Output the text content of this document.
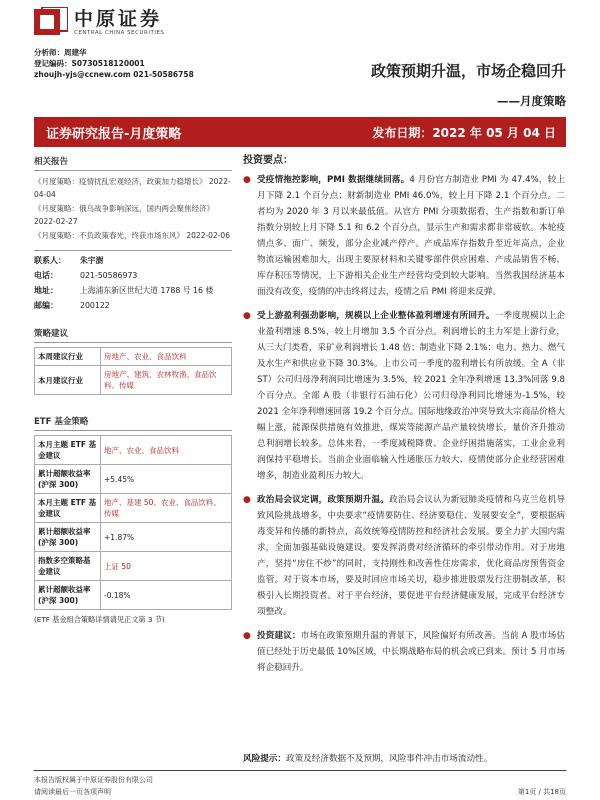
中原证券
CENTRAL CHINA SECURITIES
分析师：周建华
登记编码：S0730518120001
zhoujh-yjs@ccnew.com 021-50586758	政策预期升温，市场企稳回升
——月度策略
证券研究报告-月度策略	发布日期：2022 年 05 月 04 日
相关报告
《月度策略：疫情扰乱宏观经济，政策加力稳增长》 2022-04-04
《月度策略：俄乌战争影响深远，国内两会聚焦经济》 2022-02-27
《月度策略：不负政策春光，终获市场东风》 2022-02-06
联系人：	朱宇澍
电话：	021-50586973
地址：	上海浦东新区世纪大道 1788 号 16 楼
邮编：	200122
策略建议
本周建议行业	房地产、农业、食品饮料
本月建议行业	房地产、建筑、农林牧渔、食品饮料、传媒
ETF 基金策略
本月主题 ETF 基金建议	地产、农业、食品饮料
累计超额收益率(沪深 300)	+5.45%
本月主题 ETF 基金建议	地产、基建 50、农业、食品饮料、传媒
累计超额收益率(沪深 300)	+1.87%
指数多空策略基金建议	上证 50
累计超额收益率(沪深 300)	-0.18%
(ETF 基金组合策略详情请见正文第 3 节)
投资要点：
● 受疫情拖控影响，PMI 数据继续回落。4 月份官方制造业 PMI 为 47.4%，较上月下降 2.1 个百分点；财新制造业 PMI 46.0%，较上月下降 2.1 个百分点。二者均为 2020 年 3 月以来最低值。从官方 PMI 分项数据看，生产指数和新订单指数分别较上月下降 5.1 和 6.2 个百分点，显示生产和需求都非常疲软。本轮疫情点多、面广、频发，部分企业减产停产。产成品库存指数升至近年高点，企业物流运输困难加大，出现主要原材料和关键零部件供应困难、产成品销售不畅、库存积压等情况，上下游相关企业生产经营均受到较大影响。当然我国经济基本面没有改变，疫情的冲击终将过去，疫情之后 PMI 将迎来反弹。
● 受上游盈利强劲影响，规模以上企业整体盈利增速有所回升。一季度规模以上企业盈利增速 8.5%，较上月增加 3.5 个百分点。利润增长的主力军是上游行业，从三大门类看，采矿业利润增长 1.48 倍；制造业下降 2.1%；电力、热力、燃气及水生产和供应业下降 30.3%。上市公司一季度的盈利增长有所放缓。全 A（非 ST）公司归母净利润同比增速为 3.5%，较 2021 全年净利增速 13.3%回落 9.8 个百分点。全部 A 股（非银行石油石化）公司归母净利同比增速为-1.5%，较 2021 全年净利增速回落 19.2 个百分点。国际地缘政治冲突导致大宗商品价格大幅上涨，能源保供措施有效推进，煤炭等能源产品产量较快增长，量价齐升推动总利润增长较多。总体来看，一季度减税降费、企业纾困措施落实，工业企业利润保持平稳增长。当前企业面临输入性通胀压力较大、疫情使部分企业经营困难增多，制造业盈利压力较大。
● 政治局会议定调，政策预期升温。政治局会议认为新冠肺炎疫情和乌克兰危机导致风险挑战增多，中央要求“疫情要防住、经济要稳住、发展要安全”，要根据病毒变异和传播的新特点，高效统筹疫情防控和经济社会发展。要全力扩大国内需求，全面加强基础设施建设。要发挥消费对经济循环的牵引带动作用。对于房地产，坚持“房住不炒”的同时，支持刚性和改善性住房需求，优化商品房预售资金监管。对于资本市场，要及时回应市场关切，稳步推进股票发行注册制改革，积极引入长期投资者。对于平台经济，要促进平台经济健康发展，完成平台经济专项整改。
● 投资建议：市场在政策预期升温的背景下，风险偏好有所改善。当前 A 股市场估值已经处于历史最低 10%区域，中长期战略布局的机会或已到来。预计 5 月市场将企稳回升。
风险提示： 政策及经济数据不及预期，风险事件冲击市场流动性。
本报告版权属于中原证券股份有限公司
请阅读最后一页各项声明	第1页 / 共18页
